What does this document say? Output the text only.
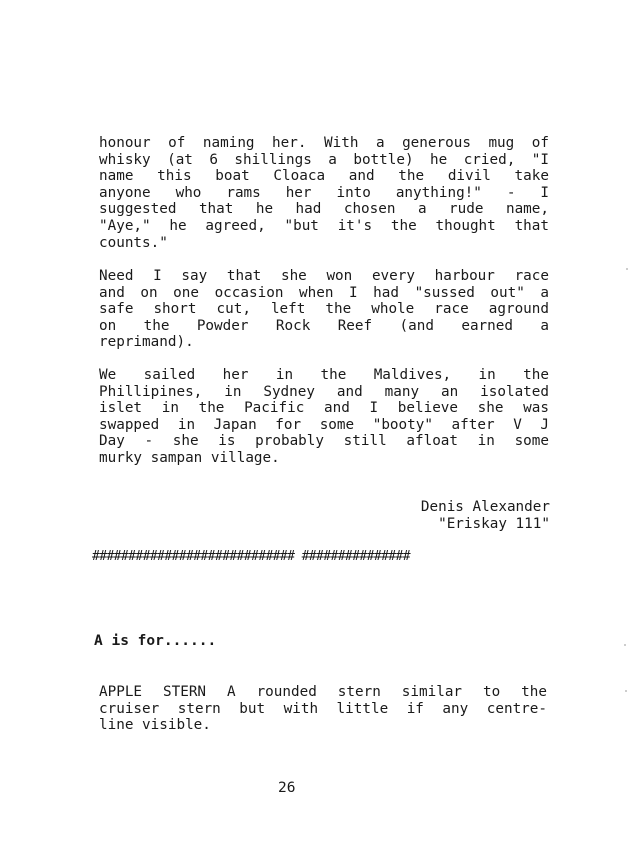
honour of naming her. With a generous mug of
whisky (at 6 shillings a bottle) he cried, "I
name this boat Cloaca and the divil take
anyone who rams her into anything!" - I
suggested that he had chosen a rude name,
"Aye," he agreed, "but it's the thought that
counts."
Need I say that she won every harbour race
and on one occasion when I had "sussed out" a
safe short cut, left the whole race aground
on the Powder Rock Reef (and earned a
reprimand).
We sailed her in the Maldives, in the
Phillipines, in Sydney and many an isolated
islet in the Pacific and I believe she was
swapped in Japan for some "booty" after V J
Day - she is probably still afloat in some
murky sampan village.
Denis Alexander
"Eriskay 111"
############################ ###############
A is for......
APPLE STERN A rounded stern similar to the
cruiser stern but with little if any centre-
line visible.
26
